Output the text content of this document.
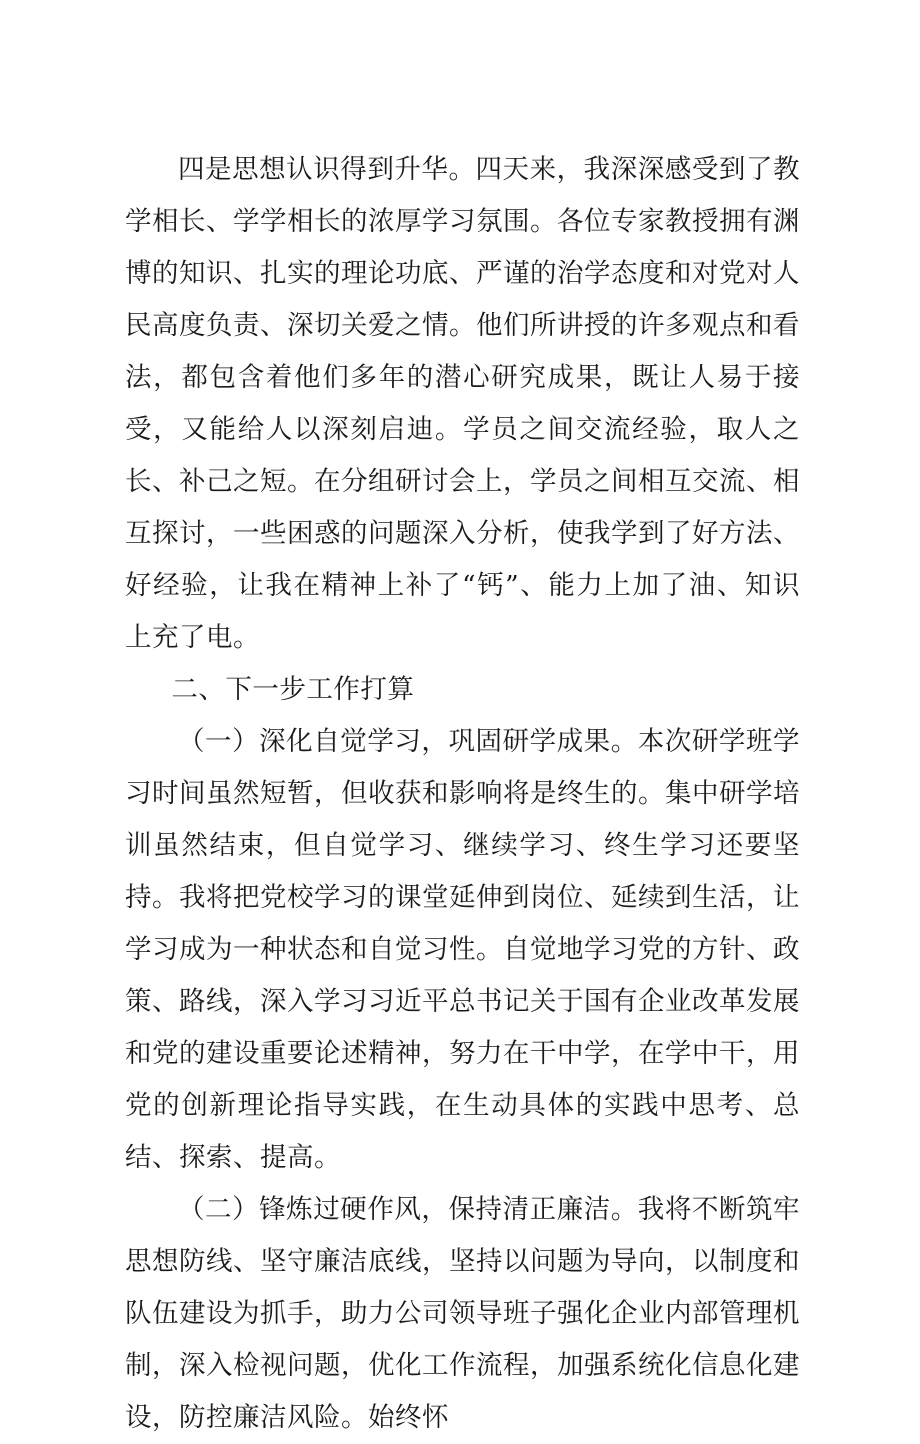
四是思想认识得到升华。四天来，我深深感受到了教学相长、学学相长的浓厚学习氛围。各位专家教授拥有渊博的知识、扎实的理论功底、严谨的治学态度和对党对人民高度负责、深切关爱之情。他们所讲授的许多观点和看法，都包含着他们多年的潜心研究成果，既让人易于接受，又能给人以深刻启迪。学员之间交流经验，取人之长、补己之短。在分组研讨会上，学员之间相互交流、相互探讨，一些困惑的问题深入分析，使我学到了好方法、好经验，让我在精神上补了“钙”、能力上加了油、知识上充了电。

二、下一步工作打算

（一）深化自觉学习，巩固研学成果。本次研学班学习时间虽然短暂，但收获和影响将是终生的。集中研学培训虽然结束，但自觉学习、继续学习、终生学习还要坚持。我将把党校学习的课堂延伸到岗位、延续到生活，让学习成为一种状态和自觉习性。自觉地学习党的方针、政策、路线，深入学习习近平总书记关于国有企业改革发展和党的建设重要论述精神，努力在干中学，在学中干，用党的创新理论指导实践，在生动具体的实践中思考、总结、探索、提高。

（二）锋炼过硬作风，保持清正廉洁。我将不断筑牢思想防线、坚守廉洁底线，坚持以问题为导向，以制度和队伍建设为抓手，助力公司领导班子强化企业内部管理机制，深入检视问题，优化工作流程，加强系统化信息化建设，防控廉洁风险。始终怀
